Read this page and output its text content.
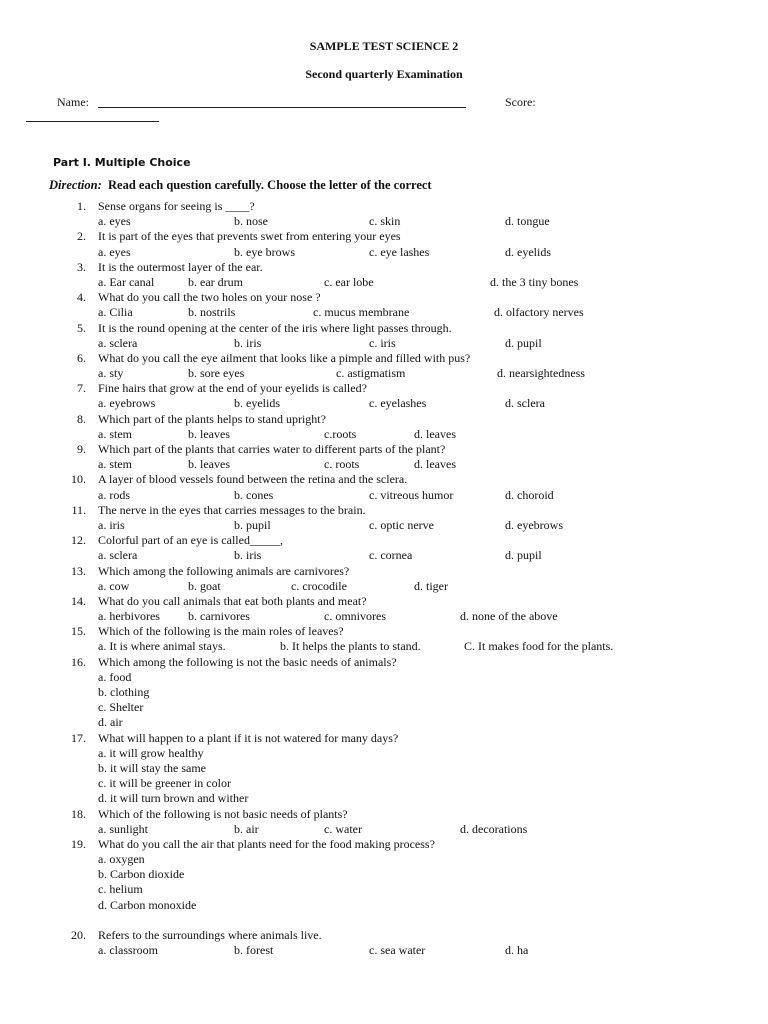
SAMPLE TEST SCIENCE 2
Second quarterly Examination
Name:	Score:
Part I. Multiple Choice
Direction: Read each question carefully. Choose the letter of the correct
1. Sense organs for seeing is ____?
a. eyes	b. nose	c. skin	d. tongue
2. It is part of the eyes that prevents swet from entering your eyes
a. eyes	b. eye brows	c. eye lashes	d. eyelids
3. It is the outermost layer of the ear.
a. Ear canal	b. ear drum	c. ear lobe	d. the 3 tiny bones
4. What do you call the two holes on your nose ?
a. Cilia	b. nostrils	c. mucus membrane	d. olfactory nerves
5. It is the round opening at the center of the iris where light passes through.
a. sclera	b. iris	c. iris	d. pupil
6. What do you call the eye ailment that looks like a pimple and filled with pus?
a. sty	b. sore eyes	c. astigmatism	d. nearsightedness
7. Fine hairs that grow at the end of your eyelids is called?
a. eyebrows	b. eyelids	c. eyelashes	d. sclera
8. Which part of the plants helps to stand upright?
a. stem	b. leaves	c.roots	d. leaves
9. Which part of the plants that carries water to different parts of the plant?
a. stem	b. leaves	c. roots	d. leaves
10. A layer of blood vessels found between the retina and the sclera.
a. rods	b. cones	c. vitreous humor	d. choroid
11. The nerve in the eyes that carries messages to the brain.
a. iris	b. pupil	c. optic nerve	d. eyebrows
12. Colorful part of an eye is called_____,
a. sclera	b. iris	c. cornea	d. pupil
13. Which among the following animals are carnivores?
a. cow	b. goat	c. crocodile	d. tiger
14. What do you call animals that eat both plants and meat?
a. herbivores b. carnivores	c. omnivores	d. none of the above
15. Which of the following is the main roles of leaves?
a. It is where animal stays.	b. It helps the plants to stand.	C. It makes food for the plants.
16. Which among the following is not the basic needs of animals?
a. food
b. clothing
c. Shelter
d. air
17. What will happen to a plant if it is not watered for many days?
a. it will grow healthy
b. it will stay the same
c. it will be greener in color
d. it will turn brown and wither
18. Which of the following is not basic needs of plants?
a. sunlight	b. air	c. water	d. decorations
19. What do you call the air that plants need for the food making process?
a. oxygen
b. Carbon dioxide
c. helium
d. Carbon monoxide
20. Refers to the surroundings where animals live.
a. classroom	b. forest	c. sea water	d. ha
